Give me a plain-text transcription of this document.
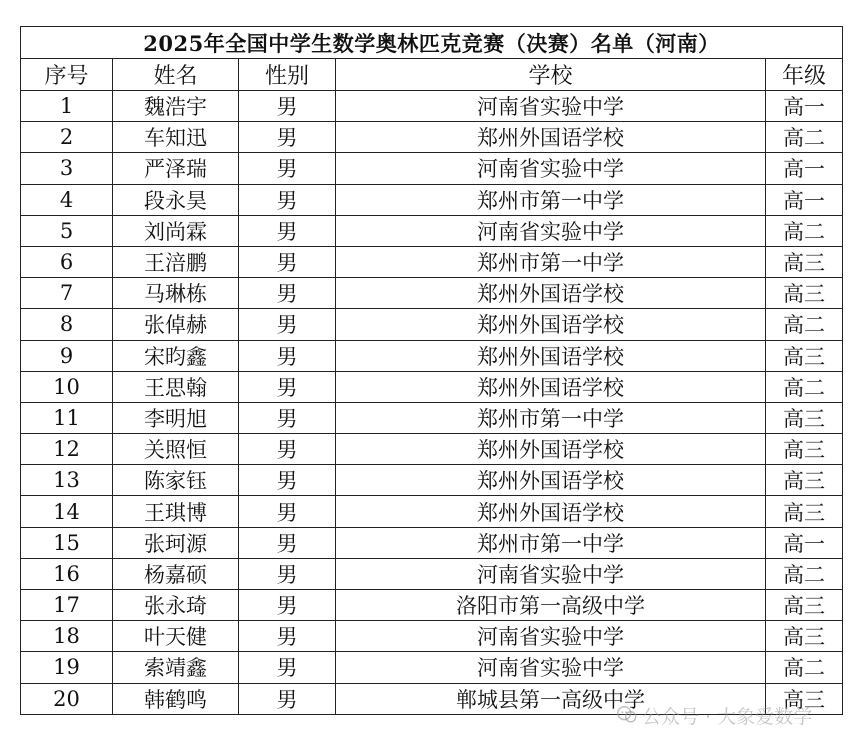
2025年全国中学生数学奥林匹克竞赛（决赛）名单（河南）				
序号	姓名	性别	学校	年级
1	魏浩宇	男	河南省实验中学	高一
2	车知迅	男	郑州外国语学校	高二
3	严泽瑞	男	河南省实验中学	高一
4	段永昊	男	郑州市第一中学	高一
5	刘尚霖	男	河南省实验中学	高二
6	王涪鹏	男	郑州市第一中学	高三
7	马琳栋	男	郑州外国语学校	高三
8	张倬赫	男	郑州外国语学校	高二
9	宋昀鑫	男	郑州外国语学校	高三
10	王思翰	男	郑州外国语学校	高二
11	李明旭	男	郑州市第一中学	高三
12	关照恒	男	郑州外国语学校	高三
13	陈家钰	男	郑州外国语学校	高三
14	王琪博	男	郑州外国语学校	高三
15	张珂源	男	郑州市第一中学	高一
16	杨嘉硕	男	河南省实验中学	高二
17	张永琦	男	洛阳市第一高级中学	高三
18	叶天健	男	河南省实验中学	高三
19	索靖鑫	男	河南省实验中学	高二
20	韩鹤鸣	男	郸城县第一高级中学	高三
公众号 · 大象爱数学
